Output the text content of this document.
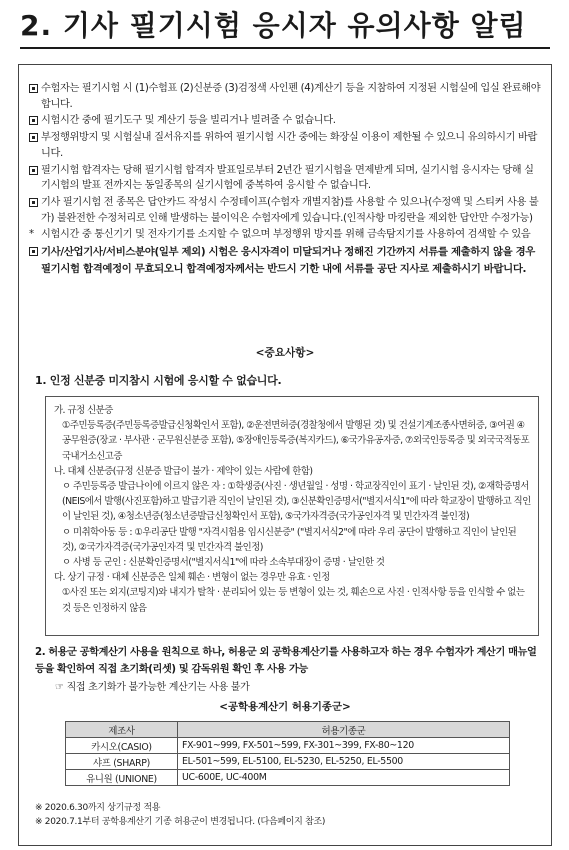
2. 기사 필기시험 응시자 유의사항 알림
수험자는 필기시험 시 (1)수험표 (2)신분증 (3)검정색 사인펜 (4)계산기 등을 지참하여 지정된 시험실에 입실 완료해야 합니다.
시험시간 중에 필기도구 및 계산기 등을 빌리거나 빌려줄 수 없습니다.
부정행위방지 및 시험실내 질서유지를 위하여 필기시험 시간 중에는 화장실 이용이 제한될 수 있으니 유의하시기 바랍니다.
필기시험 합격자는 당해 필기시험 합격자 발표일로부터 2년간 필기시험을 면제받게 되며, 실기시험 응시자는 당해 실기시험의 발표 전까지는 동일종목의 실기시험에 중복하여 응시할 수 없습니다.
기사 필기시험 전 종목은 답안카드 작성시 수정테이프(수험자 개별지참)를 사용할 수 있으나(수정액 및 스티커 사용 불가) 불완전한 수정처리로 인해 발생하는 불이익은 수험자에게 있습니다.(인적사항 마킹란을 제외한 답안만 수정가능)
* 시험시간 중 통신기기 및 전자기기를 소지할 수 없으며 부정행위 방지를 위해 금속탐지기를 사용하여 검색할 수 있음
기사/산업기사/서비스분야(일부 제외) 시험은 응시자격이 미달되거나 정해진 기간까지 서류를 제출하지 않을 경우 필기시험 합격예정이 무효되오니 합격예정자께서는 반드시 기한 내에 서류를 공단 지사로 제출하시기 바랍니다.
<중요사항>
1. 인정 신분증 미지참시 시험에 응시할 수 없습니다.
가. 규정 신분증
①주민등록증(주민등록증발급신청확인서 포함), ②운전면허증(경찰청에서 발행된 것) 및 건설기계조종사면허증, ③여권 ④공무원증(장교 · 부사관 · 군무원신분증 포함), ⑤장애인등록증(복지카드), ⑥국가유공자증, ⑦외국인등록증 및 외국국적동포국내거소신고증
나. 대체 신분증(규정 신분증 발급이 불가 · 제약이 있는 사람에 한함)
ㅇ 주민등록증 발급나이에 이르지 않은 자 : ①학생증(사진 · 생년월일 · 성명 · 학교장직인이 표기 · 날인된 것), ②재학증명서(NEIS에서 발행(사진포함)하고 발급기관 직인이 날인된 것), ③신분확인증명서("별지서식1"에 따라 학교장이 발행하고 직인이 날인된 것), ④청소년증(청소년증발급신청확인서 포함), ⑤국가자격증(국가공인자격 및 민간자격 불인정)
ㅇ 미취학아동 등 : ①우리공단 발행 "자격시험용 임시신분증" ("별지서식2"에 따라 우리 공단이 발행하고 직인이 날인된 것), ②국가자격증(국가공인자격 및 민간자격 불인정)
ㅇ 사병 등 군인 : 신분확인증명서("별지서식1"에 따라 소속부대장이 증명 · 날인한 것
다. 상기 규정 · 대체 신분증은 일체 훼손 · 변형이 없는 경우만 유효 · 인정
①사진 또는 외지(코팅지)와 내지가 탈착 · 분리되어 있는 등 변형이 있는 것, 훼손으로 사진 · 인적사항 등을 인식할 수 없는 것 등은 인정하지 않음
2. 허용군 공학계산기 사용을 원칙으로 하나, 허용군 외 공학용계산기를 사용하고자 하는 경우 수험자가 계산기 매뉴얼 등을 확인하여 직접 초기화(리셋) 및 감독위원 확인 후 사용 가능
☞ 직접 초기화가 불가능한 계산기는 사용 불가
<공학용계산기 허용기종군>
제조사	허용기종군
카시오(CASIO)	FX-901~999, FX-501~599, FX-301~399, FX-80~120
샤프 (SHARP)	EL-501~599, EL-5100, EL-5230, EL-5250, EL-5500
유니원 (UNIONE)	UC-600E, UC-400M
※ 2020.6.30까지 상기규정 적용
※ 2020.7.1부터 공학용계산기 기종 허용군이 변경됩니다. (다음페이지 참조)
